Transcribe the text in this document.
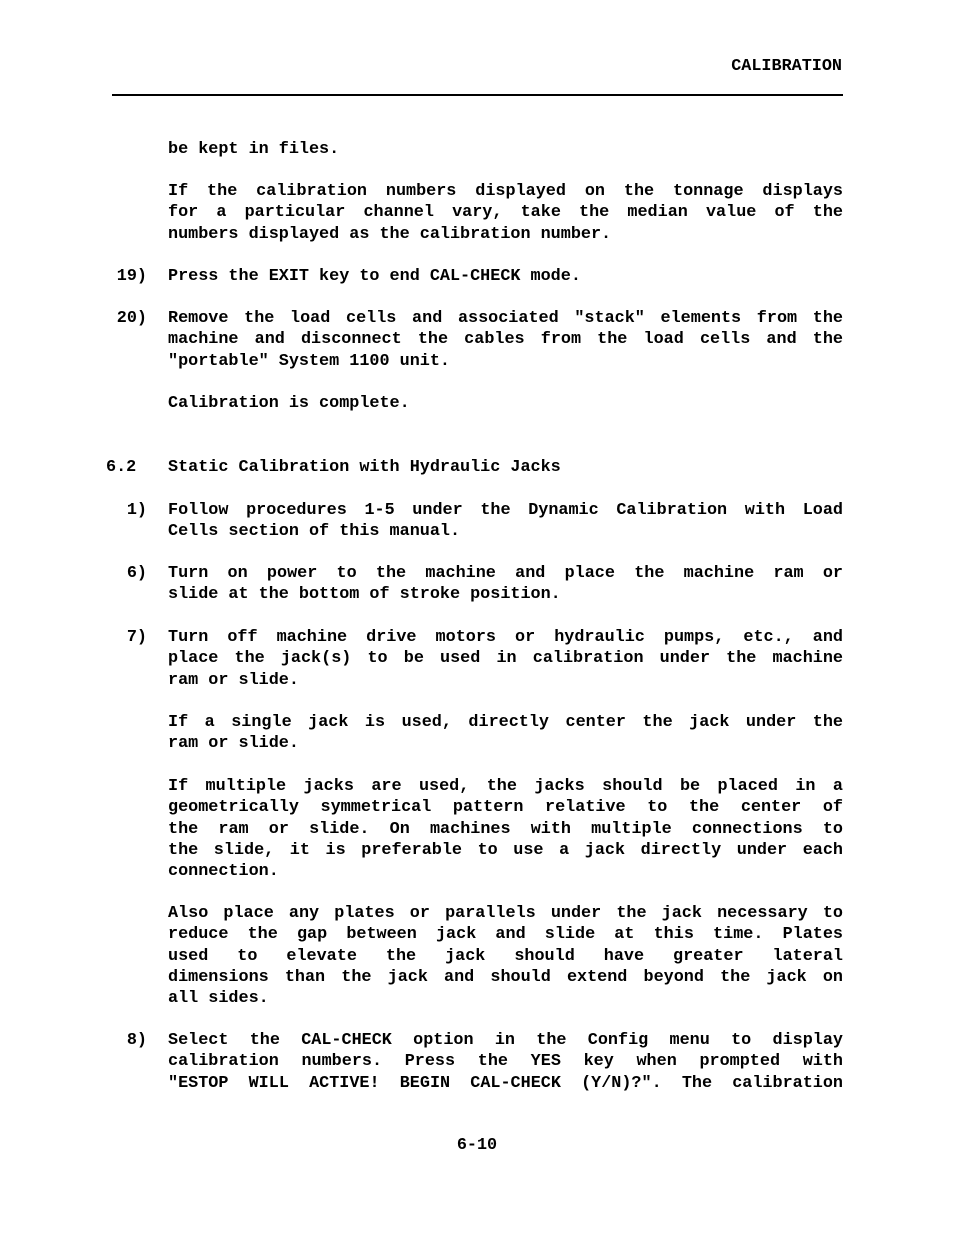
CALIBRATION
be kept in files.
If the calibration numbers displayed on the tonnage displays
for a particular channel vary, take the median value of the
numbers displayed as the calibration number.
19) Press the EXIT key to end CAL-CHECK mode.
20) Remove the load cells and associated "stack" elements from the
machine and disconnect the cables from the load cells and the
"portable" System 1100 unit.
Calibration is complete.
6.2	Static Calibration with Hydraulic Jacks
1) Follow procedures 1-5 under the Dynamic Calibration with Load
Cells section of this manual.
6) Turn on power to the machine and place the machine ram or
slide at the bottom of stroke position.
7) Turn off machine drive motors or hydraulic pumps, etc., and
place the jack(s) to be used in calibration under the machine
ram or slide.
If a single jack is used, directly center the jack under the
ram or slide.
If multiple jacks are used, the jacks should be placed in a
geometrically symmetrical pattern relative to the center of
the ram or slide. On machines with multiple connections to
the slide, it is preferable to use a jack directly under each
connection.
Also place any plates or parallels under the jack necessary to
reduce the gap between jack and slide at this time. Plates
used to elevate the jack should have greater lateral
dimensions than the jack and should extend beyond the jack on
all sides.
8) Select the CAL-CHECK option in the Config menu to display
calibration numbers. Press the YES key when prompted with
"ESTOP WILL ACTIVE! BEGIN CAL-CHECK (Y/N)?". The calibration
6-10
